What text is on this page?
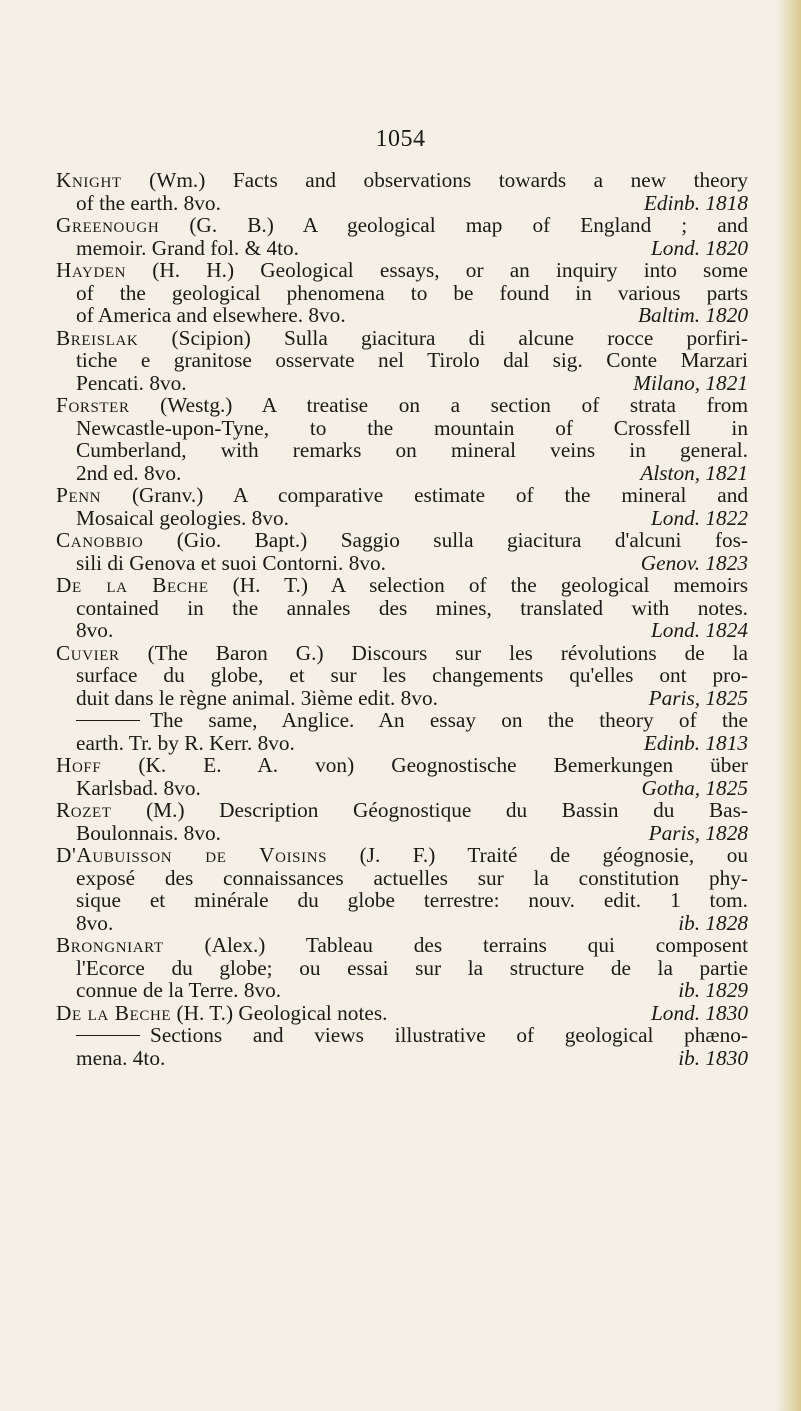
1054
Knight (Wm.) Facts and observations towards a new theory
of the earth. 8vo.	Edinb. 1818
Greenough (G. B.) A geological map of England ; and
memoir. Grand fol. & 4to.	Lond. 1820
Hayden (H. H.) Geological essays, or an inquiry into some
of the geological phenomena to be found in various parts
of America and elsewhere. 8vo.	Baltim. 1820
Breislak (Scipion) Sulla giacitura di alcune rocce porfiri-
tiche e granitose osservate nel Tirolo dal sig. Conte Marzari
Pencati. 8vo.	Milano, 1821
Forster (Westg.) A treatise on a section of strata from
Newcastle-upon-Tyne, to the mountain of Crossfell in
Cumberland, with remarks on mineral veins in general.
2nd ed. 8vo.	Alston, 1821
Penn (Granv.) A comparative estimate of the mineral and
Mosaical geologies. 8vo.	Lond. 1822
Canobbio (Gio. Bapt.) Saggio sulla giacitura d'alcuni fos-
sili di Genova et suoi Contorni. 8vo.	Genov. 1823
De la Beche (H. T.) A selection of the geological memoirs
contained in the annales des mines, translated with notes.
8vo.	Lond. 1824
Cuvier (The Baron G.) Discours sur les révolutions de la
surface du globe, et sur les changements qu'elles ont pro-
duit dans le règne animal. 3ième edit. 8vo.	Paris, 1825
The same, Anglice. An essay on the theory of the
earth. Tr. by R. Kerr. 8vo.	Edinb. 1813
Hoff (K. E. A. von) Geognostische Bemerkungen über
Karlsbad. 8vo.	Gotha, 1825
Rozet (M.) Description Géognostique du Bassin du Bas-
Boulonnais. 8vo.	Paris, 1828
D'Aubuisson de Voisins (J. F.) Traité de géognosie, ou
exposé des connaissances actuelles sur la constitution phy-
sique et minérale du globe terrestre: nouv. edit. 1 tom.
8vo.	ib. 1828
Brongniart (Alex.) Tableau des terrains qui composent
l'Ecorce du globe; ou essai sur la structure de la partie
connue de la Terre. 8vo.	ib. 1829
De la Beche (H. T.) Geological notes.	Lond. 1830
Sections and views illustrative of geological phæno-
mena. 4to.	ib. 1830
